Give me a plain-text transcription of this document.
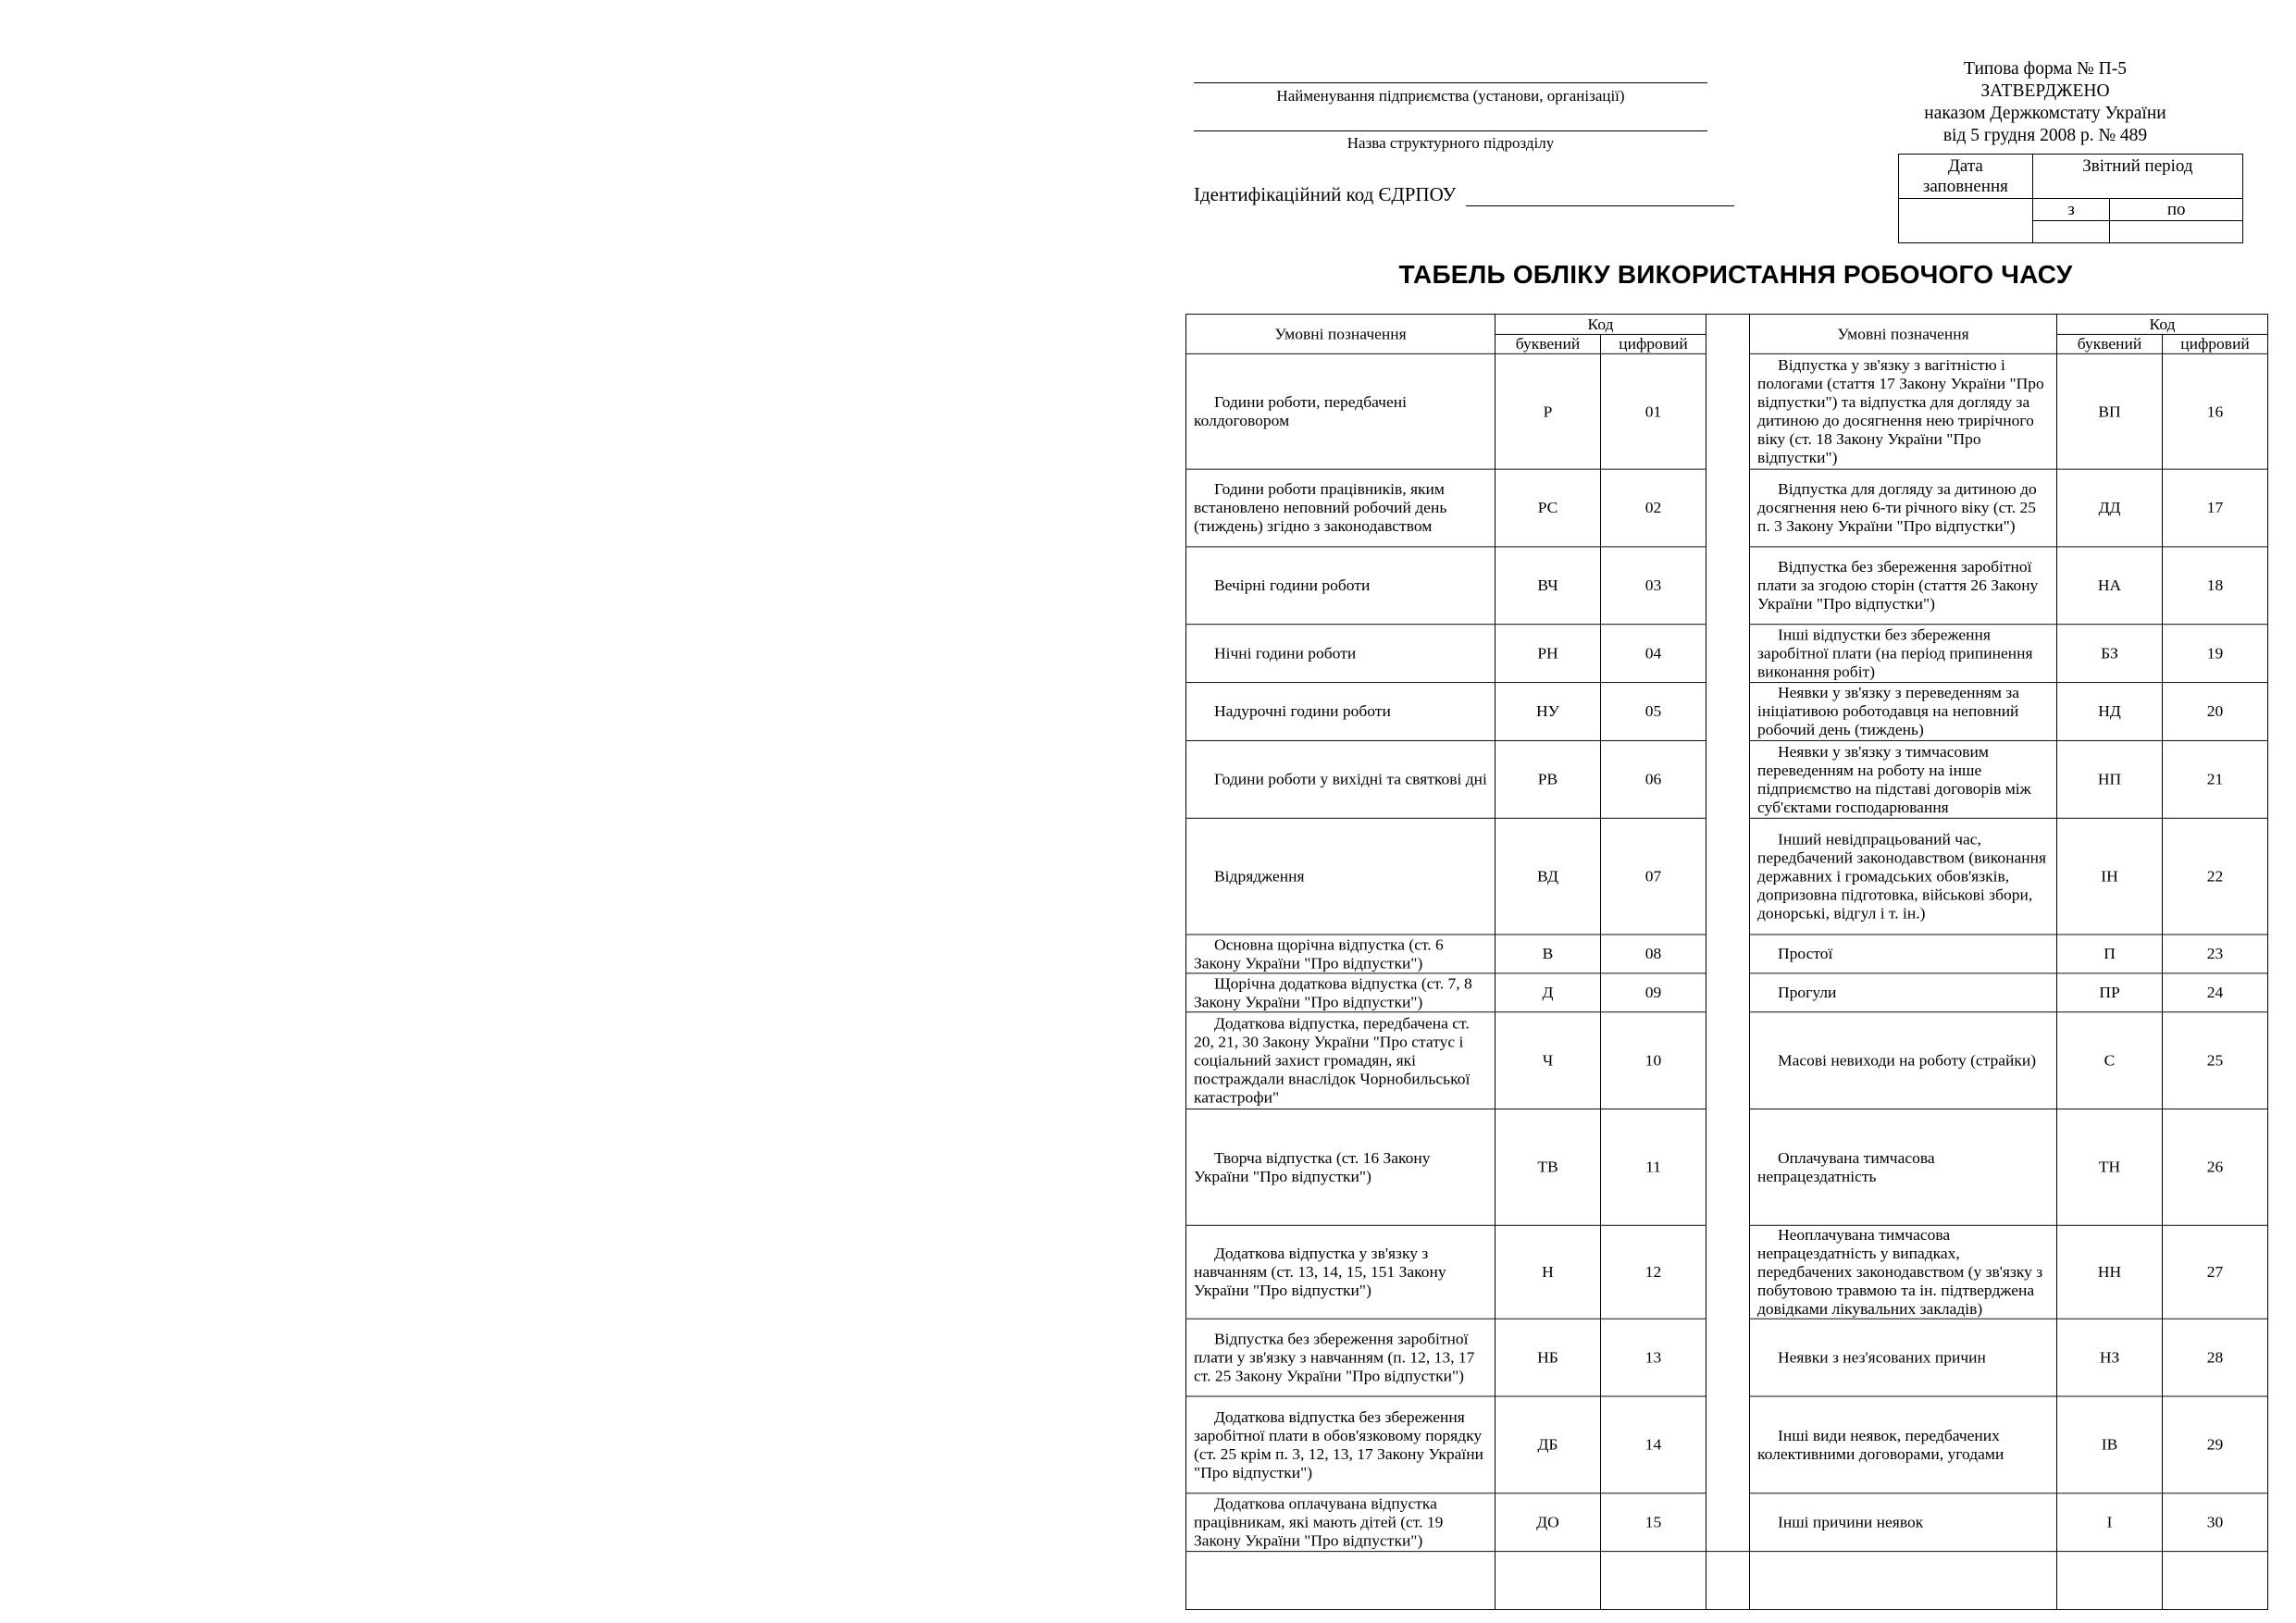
Найменування підприємства (установи, організації)
Назва структурного підрозділу
Ідентифікаційний код ЄДРПОУ
Типова форма № П-5
ЗАТВЕРДЖЕНО
наказом Держкомстату України
від 5 грудня 2008 р. № 489
Дата
заповнення	Звітний період	

	з	по

ТАБЕЛЬ ОБЛІКУ ВИКОРИСТАННЯ РОБОЧОГО ЧАСУ
Умовні позначення	Код			Умовні позначення	Код	
	буквений	цифровий			буквений	цифровий
Години роботи, передбачені колдоговором	Р	01		Відпустка у зв'язку з вагітністю і пологами (стаття 17 Закону України "Про відпустки") та відпустка для догляду за дитиною до досягнення нею трирічного віку (ст. 18 Закону України "Про відпустки")	ВП	16
Години роботи працівників, яким встановлено неповний робочий день (тиждень) згідно з законодавством	РС	02		Відпустка для догляду за дитиною до досягнення нею 6-ти річного віку (ст. 25 п. 3 Закону України "Про відпустки")	ДД	17
Вечірні години роботи	ВЧ	03		Відпустка без збереження заробітної плати за згодою сторін (стаття 26 Закону України "Про відпустки")	НА	18
Нічні години роботи	РН	04		Інші відпустки без збереження заробітної плати (на період припинення виконання робіт)	БЗ	19
Надурочні години роботи	НУ	05		Неявки у зв'язку з переведенням за ініціативою роботодавця на неповний робочий день (тиждень)	НД	20
Години роботи у вихідні та святкові дні	РВ	06		Неявки у зв'язку з тимчасовим переведенням на роботу на інше підприємство на підставі договорів між суб'єктами господарювання	НП	21
Відрядження	ВД	07		Інший невідпрацьований час, передбачений законодавством (виконання державних і громадських обов'язків, допризовна підготовка, військові збори, донорські, відгул і т. ін.)	ІН	22
Основна щорічна відпустка (ст. 6 Закону України "Про відпустки")	В	08		Простої	П	23
Щорічна додаткова відпустка (ст. 7, 8 Закону України "Про відпустки")	Д	09		Прогули	ПР	24
Додаткова відпустка, передбачена ст. 20, 21, 30 Закону України "Про статус і соціальний захист громадян, які постраждали внаслідок Чорнобильської катастрофи"	Ч	10		Масові невиходи на роботу (страйки)	С	25
Творча відпустка (ст. 16 Закону України "Про відпустки")	ТВ	11		Оплачувана тимчасова непрацездатність	ТН	26
Додаткова відпустка у зв'язку з навчанням (ст. 13, 14, 15, 151 Закону України "Про відпустки")	Н	12		Неоплачувана тимчасова непрацездатність у випадках, передбачених законодавством (у зв'язку з побутовою травмою та ін. підтверджена довідками лікувальних закладів)	НН	27
Відпустка без збереження заробітної плати у зв'язку з навчанням (п. 12, 13, 17 ст. 25 Закону України "Про відпустки")	НБ	13		Неявки з нез'ясованих причин	НЗ	28
Додаткова відпустка без збереження заробітної плати в обов'язковому порядку (ст. 25 крім п. 3, 12, 13, 17 Закону України "Про відпустки")	ДБ	14		Інші види неявок, передбачених колективними договорами, угодами	ІВ	29
Додаткова оплачувана відпустка працівникам, які мають дітей (ст. 19 Закону України "Про відпустки")	ДО	15		Інші причини неявок	І	30
